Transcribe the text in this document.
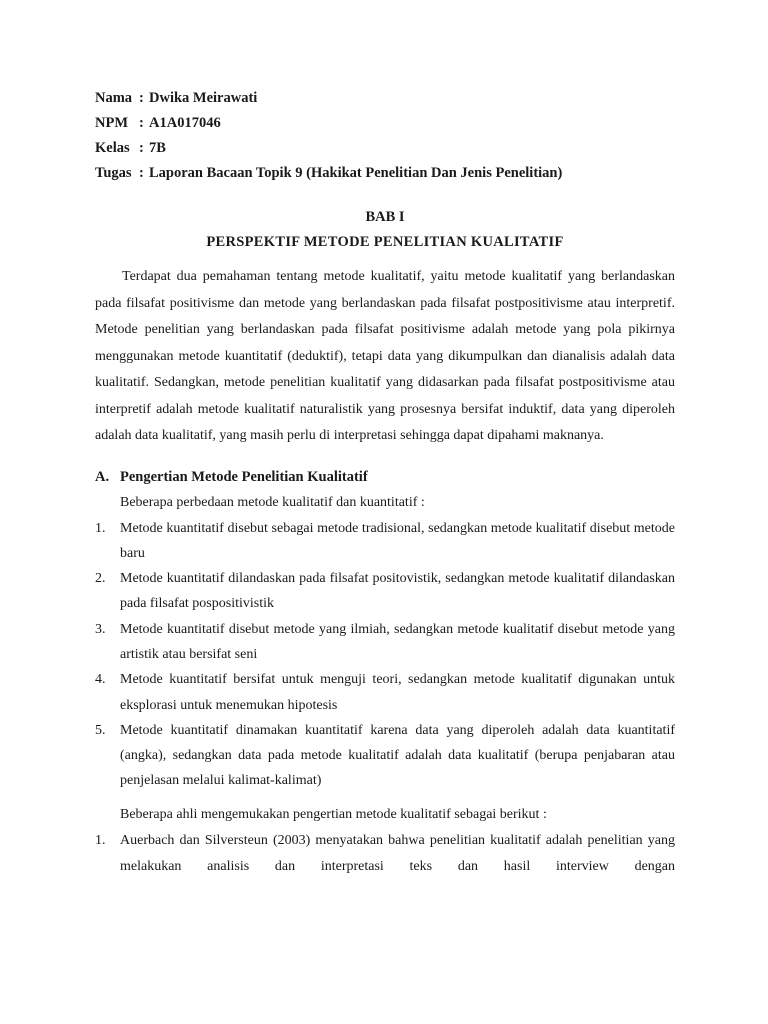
Nama : Dwika Meirawati
NPM : A1A017046
Kelas : 7B
Tugas : Laporan Bacaan Topik 9 (Hakikat Penelitian Dan Jenis Penelitian)
BAB I
PERSPEKTIF METODE PENELITIAN KUALITATIF

Terdapat dua pemahaman tentang metode kualitatif, yaitu metode kualitatif yang berlandaskan pada filsafat positivisme dan metode yang berlandaskan pada filsafat postpositivisme atau interpretif. Metode penelitian yang berlandaskan pada filsafat positivisme adalah metode yang pola pikirnya menggunakan metode kuantitatif (deduktif), tetapi data yang dikumpulkan dan dianalisis adalah data kualitatif. Sedangkan, metode penelitian kualitatif yang didasarkan pada filsafat postpositivisme atau interpretif adalah metode kualitatif naturalistik yang prosesnya bersifat induktif, data yang diperoleh adalah data kualitatif, yang masih perlu di interpretasi sehingga dapat dipahami maknanya.

A. Pengertian Metode Penelitian Kualitatif
Beberapa perbedaan metode kualitatif dan kuantitatif :
1.	Metode kuantitatif disebut sebagai metode tradisional, sedangkan metode kualitatif disebut metode baru
2.	Metode kuantitatif dilandaskan pada filsafat positovistik, sedangkan metode kualitatif dilandaskan pada filsafat pospositivistik
3.	Metode kuantitatif disebut metode yang ilmiah, sedangkan metode kualitatif disebut metode yang artistik atau bersifat seni
4.	Metode kuantitatif bersifat untuk menguji teori, sedangkan metode kualitatif digunakan untuk eksplorasi untuk menemukan hipotesis
5.	Metode kuantitatif dinamakan kuantitatif karena data yang diperoleh adalah data kuantitatif (angka), sedangkan data pada metode kualitatif adalah data kualitatif (berupa penjabaran atau penjelasan melalui kalimat-kalimat)
Beberapa ahli mengemukakan pengertian metode kualitatif sebagai berikut :
1.	Auerbach dan Silversteun (2003) menyatakan bahwa penelitian kualitatif adalah penelitian yang melakukan analisis dan interpretasi teks dan hasil interview dengan
